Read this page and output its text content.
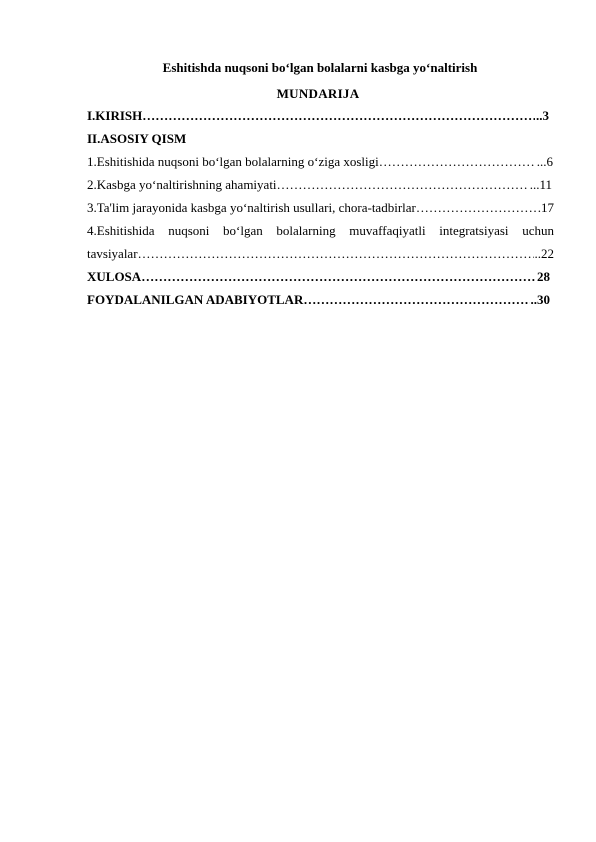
Eshitishda nuqsoni bo‘lgan bolalarni kasbga yo‘naltirish
MUNDARIJA
I.KIRISH …………………………………………………………………………………………………………………………………………………………………………	..3
II.ASOSIY QISM
1.Eshitishida nuqsoni bo‘lgan bolalarning o‘ziga xosligi …………………………………………………………………………………………………………………………………………………………………………	...6
2.Kasbga yo‘naltirishning ahamiyati …………………………………………………………………………………………………………………………………………………………………………	...11
3.Ta'lim jarayonida kasbga yo‘naltirish usullari, chora-tadbirlar …………………………………………………………………………………………………………………………………………………………………………	.17
4.Eshitishida nuqsoni bo‘lgan bolalarning muvaffaqiyatli integratsiyasi uchun
tavsiyalar …………………………………………………………………………………………………………………………………………………………………………	..22
XULOSA …………………………………………………………………………………………………………………………………………………………………………	28
FOYDALANILGAN ADABIYOTLAR …………………………………………………………………………………………………………………………………………………………………………	..30
